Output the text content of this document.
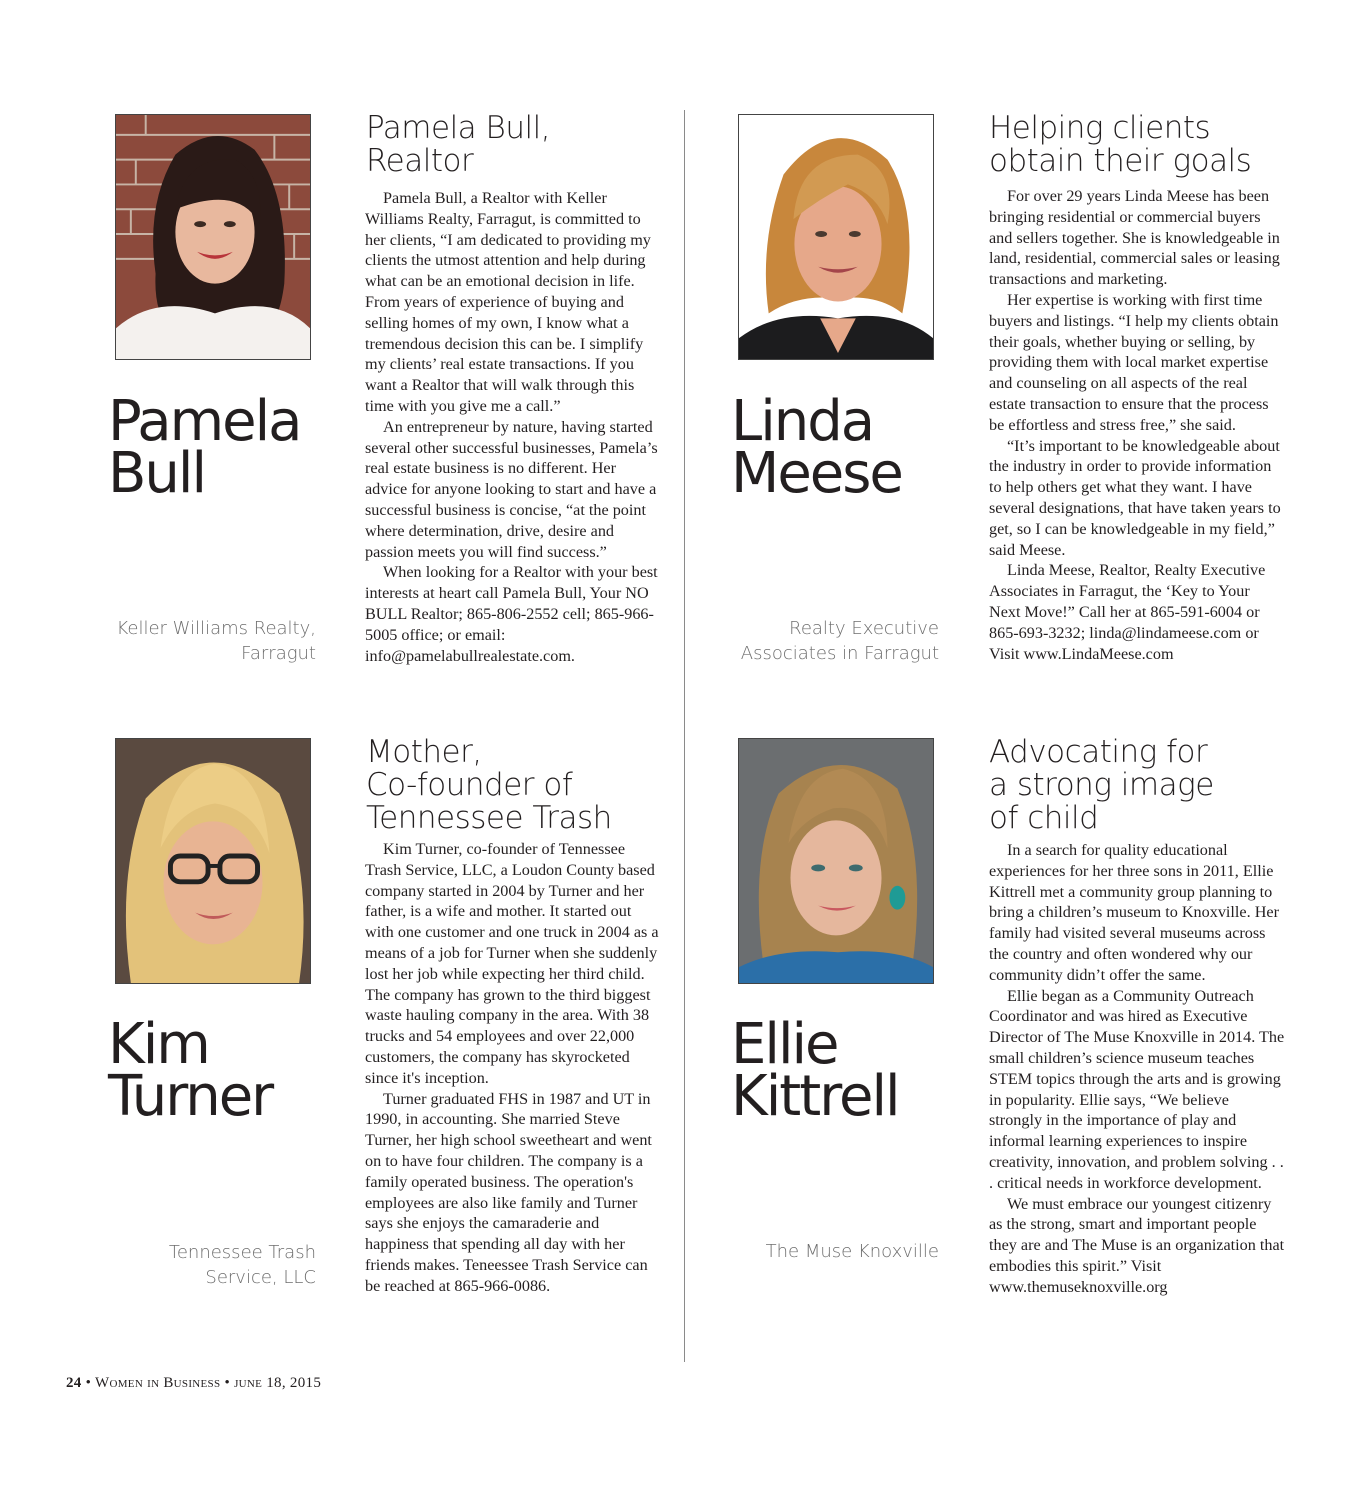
Pamela
Bull
Keller Williams Realty,
Farragut
Pamela Bull,
Realtor

Pamela Bull, a Realtor with Keller Williams Realty, Farragut, is committed to her clients, “I am dedicated to providing my clients the utmost attention and help during what can be an emotional decision in life. From years of experience of buying and selling homes of my own, I know what a tremendous decision this can be. I simplify my clients’ real estate transactions. If you want a Realtor that will walk through this time with you give me a call.”

An entrepreneur by nature, having started several other successful businesses, Pamela’s real estate business is no different. Her advice for anyone looking to start and have a successful business is concise, “at the point where determination, drive, desire and passion meets you will find success.”

When looking for a Realtor with your best interests at heart call Pamela Bull, Your NO BULL Realtor; 865-806-2552 cell; 865-966-5005 office; or email: info@pamelabullrealestate.com.

Linda
Meese
Realty Executive
Associates in Farragut
Helping clients
obtain their goals

For over 29 years Linda Meese has been bringing residential or commercial buyers and sellers together. She is knowledgeable in land, residential, commercial sales or leasing transactions and marketing.

Her expertise is working with first time buyers and listings. “I help my clients obtain their goals, whether buying or selling, by providing them with local market expertise and counseling on all aspects of the real estate transaction to ensure that the process be effortless and stress free,” she said.

“It’s important to be knowledgeable about the industry in order to provide information to help others get what they want. I have several designations, that have taken years to get, so I can be knowledgeable in my field,” said Meese.

Linda Meese, Realtor, Realty Executive Associates in Farragut, the ‘Key to Your Next Move!” Call her at 865-591-6004 or 865-693-3232; linda@lindameese.com or Visit www.LindaMeese.com

Kim
Turner
Tennessee Trash
Service, LLC
Mother,
Co-founder of
Tennessee Trash

Kim Turner, co-founder of Tennessee Trash Service, LLC, a Loudon County based company started in 2004 by Turner and her father, is a wife and mother. It started out with one customer and one truck in 2004 as a means of a job for Turner when she suddenly lost her job while expecting her third child. The company has grown to the third biggest waste hauling company in the area. With 38 trucks and 54 employees and over 22,000 customers, the company has skyrocketed since it's inception.

Turner graduated FHS in 1987 and UT in 1990, in accounting. She married Steve Turner, her high school sweetheart and went on to have four children. The company is a family operated business. The operation's employees are also like family and Turner says she enjoys the camaraderie and happiness that spending all day with her friends makes. Teneessee Trash Service can be reached at 865-966-0086.

Ellie
Kittrell
The Muse Knoxville
Advocating for
a strong image
of child

In a search for quality educational experiences for her three sons in 2011, Ellie Kittrell met a community group planning to bring a children’s museum to Knoxville. Her family had visited several museums across the country and often wondered why our community didn’t offer the same.

Ellie began as a Community Outreach Coordinator and was hired as Executive Director of The Muse Knoxville in 2014. The small children’s science museum teaches STEM topics through the arts and is growing in popularity. Ellie says, “We believe strongly in the importance of play and informal learning experiences to inspire creativity, innovation, and problem solving . . . critical needs in workforce development.

We must embrace our youngest citizenry as the strong, smart and important people they are and The Muse is an organization that embodies this spirit.” Visit www.themuseknoxville.org

24 • Women in Business • june 18, 2015
